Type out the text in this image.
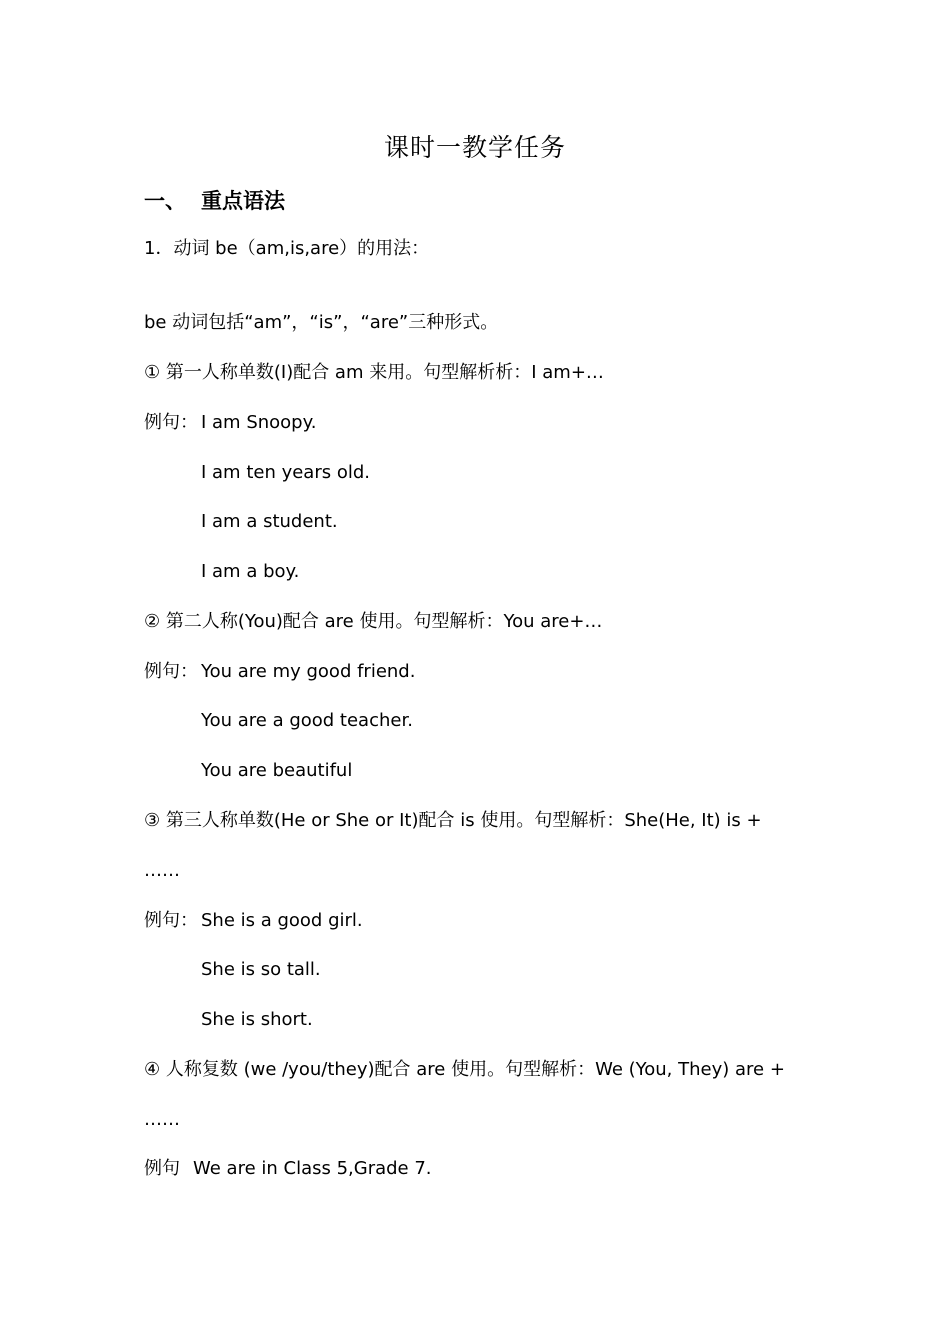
课时一教学任务
一、 重点语法
1．动词 be（am,is,are）的用法：
be 动词包括“am”，“is”，“are”三种形式。
① 第一人称单数(I)配合 am 来用。句型解析析：I am+…
例句： I am Snoopy.
I am ten years old.
I am a student.
I am a boy.
② 第二人称(You)配合 are 使用。句型解析：You are+…
例句： You are my good friend.
You are a good teacher.
You are beautiful
③ 第三人称单数(He or She or It)配合 is 使用。句型解析：She(He, It) is +
……
例句： She is a good girl.
She is so tall.
She is short.
④ 人称复数 (we /you/they)配合 are 使用。句型解析：We (You, They) are +
……
例句 We are in Class 5,Grade 7.
